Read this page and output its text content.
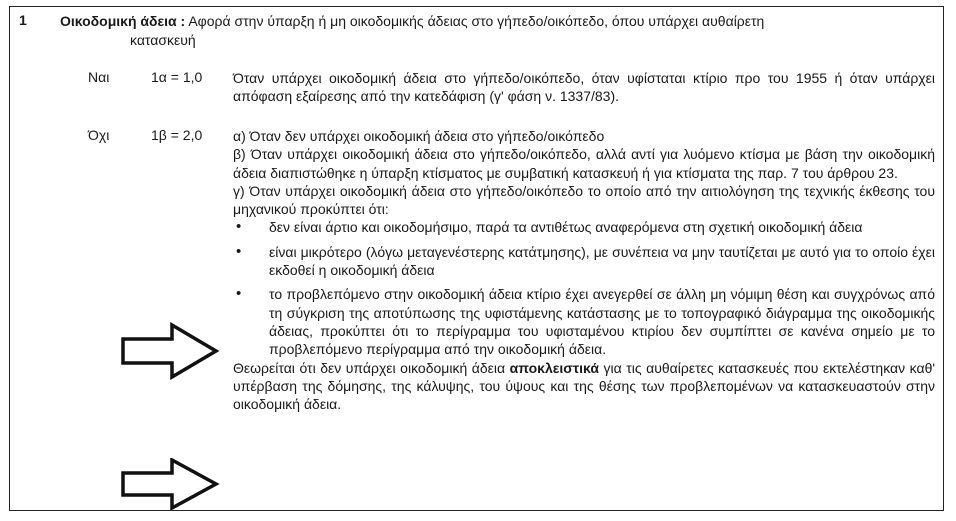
1 Οικοδομική άδεια : Αφορά στην ύπαρξη ή μη οικοδομικής άδειας στο γήπεδο/οικόπεδο, όπου υπάρχει αυθαίρετη
κατασκευή
Ναι	1α = 1,0 Όταν υπάρχει οικοδομική άδεια στο γήπεδο/οικόπεδο, όταν υφίσταται κτίριο προ του 1955 ή όταν υπάρχει απόφαση εξαίρεσης από την κατεδάφιση (γ' φάση ν. 1337/83).
Όχι	1β = 2,0 α) Όταν δεν υπάρχει οικοδομική άδεια στο γήπεδο/οικόπεδο

β) Όταν υπάρχει οικοδομική άδεια στο γήπεδο/οικόπεδο, αλλά αντί για λυόμενο κτίσμα με βάση την οικοδομική άδεια διαπιστώθηκε η ύπαρξη κτίσματος με συμβατική κατασκευή ή για κτίσματα της παρ. 7 του άρθρου 23.

γ) Όταν υπάρχει οικοδομική άδεια στο γήπεδο/οικόπεδο το οποίο από την αιτιολόγηση της τεχνικής έκθεσης του μηχανικού προκύπτει ότι:

• δεν είναι άρτιο και οικοδομήσιμο, παρά τα αντιθέτως αναφερόμενα στη σχετική οικοδομική άδεια
• είναι μικρότερο (λόγω μεταγενέστερης κατάτμησης), με συνέπεια να μην ταυτίζεται με αυτό για το οποίο έχει εκδοθεί η οικοδομική άδεια
• το προβλεπόμενο στην οικοδομική άδεια κτίριο έχει ανεγερθεί σε άλλη μη νόμιμη θέση και συγχρόνως από τη σύγκριση της αποτύπωσης της υφιστάμενης κατάστασης με το τοπογραφικό διάγραμμα της οικοδομικής άδειας, προκύπτει ότι το περίγραμμα του υφισταμένου κτιρίου δεν συμπίπτει σε κανένα σημείο με το προβλεπόμενο περίγραμμα από την οικοδομική άδεια.

Θεωρείται ότι δεν υπάρχει οικοδομική άδεια αποκλειστικά για τις αυθαίρετες κατασκευές που εκτελέστηκαν καθ' υπέρβαση της δόμησης, της κάλυψης, του ύψους και της θέσης των προβλεπομένων να κατασκευαστούν στην οικοδομική άδεια.
